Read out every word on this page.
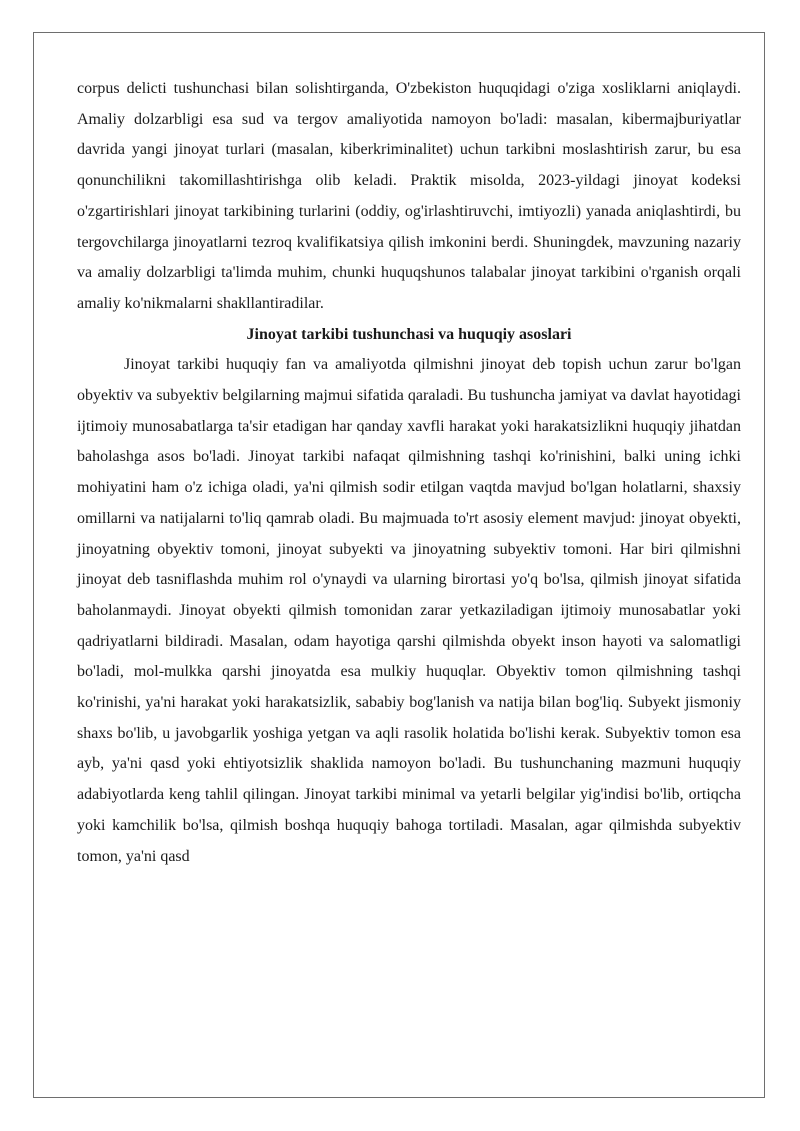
corpus delicti tushunchasi bilan solishtirganda, O'zbekiston huquqidagi o'ziga xosliklarni aniqlaydi. Amaliy dolzarbligi esa sud va tergov amaliyotida namoyon bo'ladi: masalan, kibermajburiyatlar davrida yangi jinoyat turlari (masalan, kiberkriminalitet) uchun tarkibni moslashtirish zarur, bu esa qonunchilikni takomillashtirishga olib keladi. Praktik misolda, 2023-yildagi jinoyat kodeksi o'zgartirishlari jinoyat tarkibining turlarini (oddiy, og'irlashtiruvchi, imtiyozli) yanada aniqlashtirdi, bu tergovchilarga jinoyatlarni tezroq kvalifikatsiya qilish imkonini berdi. Shuningdek, mavzuning nazariy va amaliy dolzarbligi ta'limda muhim, chunki huquqshunos talabalar jinoyat tarkibini o'rganish orqali amaliy ko'nikmalarni shakllantiradilar.

Jinoyat tarkibi tushunchasi va huquqiy asoslari

Jinoyat tarkibi huquqiy fan va amaliyotda qilmishni jinoyat deb topish uchun zarur bo'lgan obyektiv va subyektiv belgilarning majmui sifatida qaraladi. Bu tushuncha jamiyat va davlat hayotidagi ijtimoiy munosabatlarga ta'sir etadigan har qanday xavfli harakat yoki harakatsizlikni huquqiy jihatdan baholashga asos bo'ladi. Jinoyat tarkibi nafaqat qilmishning tashqi ko'rinishini, balki uning ichki mohiyatini ham o'z ichiga oladi, ya'ni qilmish sodir etilgan vaqtda mavjud bo'lgan holatlarni, shaxsiy omillarni va natijalarni to'liq qamrab oladi. Bu majmuada to'rt asosiy element mavjud: jinoyat obyekti, jinoyatning obyektiv tomoni, jinoyat subyekti va jinoyatning subyektiv tomoni. Har biri qilmishni jinoyat deb tasniflashda muhim rol o'ynaydi va ularning birortasi yo'q bo'lsa, qilmish jinoyat sifatida baholanmaydi. Jinoyat obyekti qilmish tomonidan zarar yetkaziladigan ijtimoiy munosabatlar yoki qadriyatlarni bildiradi. Masalan, odam hayotiga qarshi qilmishda obyekt inson hayoti va salomatligi bo'ladi, mol-mulkka qarshi jinoyatda esa mulkiy huquqlar. Obyektiv tomon qilmishning tashqi ko'rinishi, ya'ni harakat yoki harakatsizlik, sababiy bog'lanish va natija bilan bog'liq. Subyekt jismoniy shaxs bo'lib, u javobgarlik yoshiga yetgan va aqli rasolik holatida bo'lishi kerak. Subyektiv tomon esa ayb, ya'ni qasd yoki ehtiyotsizlik shaklida namoyon bo'ladi. Bu tushunchaning mazmuni huquqiy adabiyotlarda keng tahlil qilingan. Jinoyat tarkibi minimal va yetarli belgilar yig'indisi bo'lib, ortiqcha yoki kamchilik bo'lsa, qilmish boshqa huquqiy bahoga tortiladi. Masalan, agar qilmishda subyektiv tomon, ya'ni qasd
